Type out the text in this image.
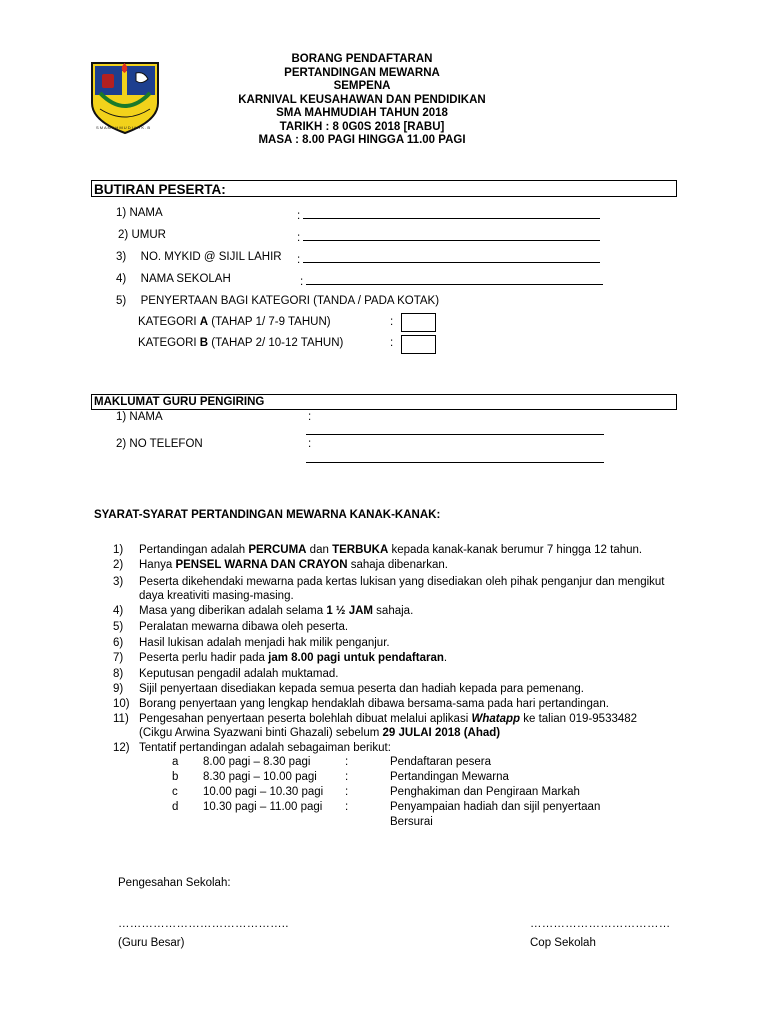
S M A M A H M U D I A H K . B
BORANG PENDAFTARAN
PERTANDINGAN MEWARNA
SEMPENA
KARNIVAL KEUSAHAWAN DAN PENDIDIKAN
SMA MAHMUDIAH TAHUN 2018
TARIKH : 8 0G0S 2018 [RABU]
MASA : 8.00 PAGI HINGGA 11.00 PAGI
BUTIRAN PESERTA:
1) NAMA	:
2) UMUR	:
3) NO. MYKID @ SIJIL LAHIR :
4) NAMA SEKOLAH	:
5) PENYERTAAN BAGI KATEGORI (TANDA / PADA KOTAK)
KATEGORI A (TAHAP 1/ 7-9 TAHUN)	:
KATEGORI B (TAHAP 2/ 10-12 TAHUN)	:
MAKLUMAT GURU PENGIRING
1) NAMA	:
2) NO TELEFON	:
SYARAT-SYARAT PERTANDINGAN MEWARNA KANAK-KANAK:
1) Pertandingan adalah PERCUMA dan TERBUKA kepada kanak-kanak berumur 7 hingga 12 tahun.
2) Hanya PENSEL WARNA DAN CRAYON sahaja dibenarkan.
3) Peserta dikehendaki mewarna pada kertas lukisan yang disediakan oleh pihak penganjur dan mengikut
daya kreativiti masing-masing.
4) Masa yang diberikan adalah selama 1 ½ JAM sahaja.
5) Peralatan mewarna dibawa oleh peserta.
6) Hasil lukisan adalah menjadi hak milik penganjur.
7) Peserta perlu hadir pada jam 8.00 pagi untuk pendaftaran.
8) Keputusan pengadil adalah muktamad.
9) Sijil penyertaan disediakan kepada semua peserta dan hadiah kepada para pemenang.
10) Borang penyertaan yang lengkap hendaklah dibawa bersama-sama pada hari pertandingan.
11) Pengesahan penyertaan peserta bolehlah dibuat melalui aplikasi Whatapp ke talian 019-9533482
(Cikgu Arwina Syazwani binti Ghazali) sebelum 29 JULAI 2018 (Ahad)
12) Tentatif pertandingan adalah sebagaiman berikut:
a 8.00 pagi – 8.30 pagi	:	Pendaftaran pesera
b 8.30 pagi – 10.00 pagi :	Pertandingan Mewarna
c 10.00 pagi – 10.30 pagi :	Penghakiman dan Pengiraan Markah
d 10.30 pagi – 11.00 pagi :	Penyampaian hadiah dan sijil penyertaan
Bersurai
Pengesahan Sekolah:
……………………………………..	………………………………
(Guru Besar)	Cop Sekolah
